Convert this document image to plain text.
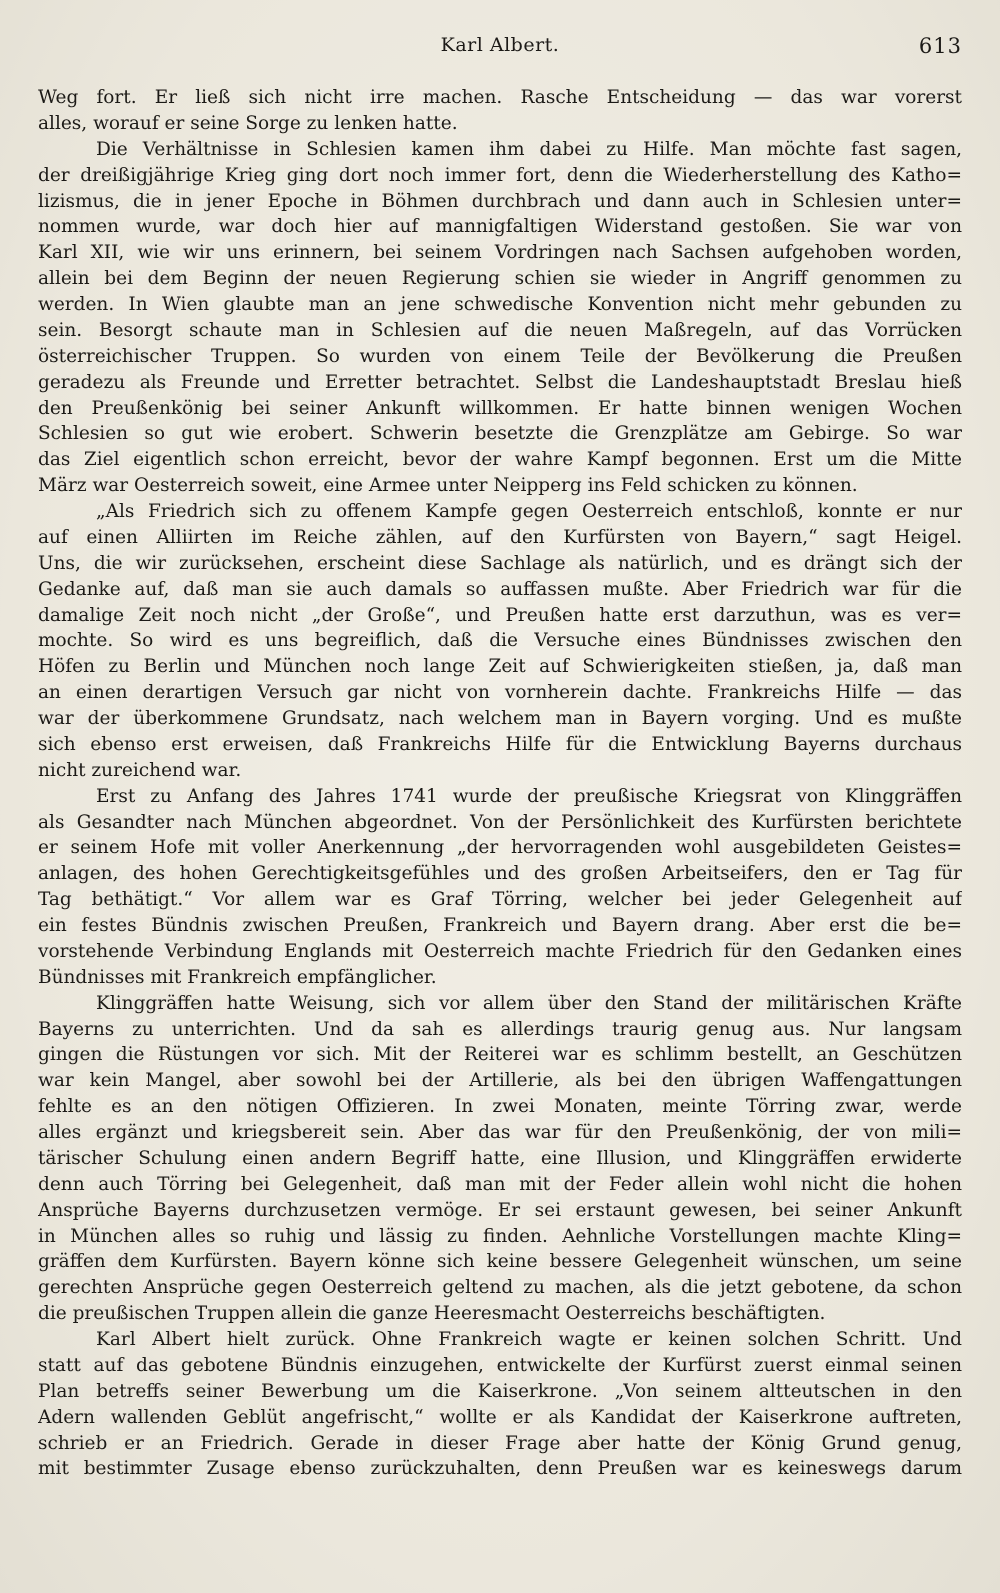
Karl Albert.	613
Weg fort. Er ließ sich nicht irre machen. Rasche Entscheidung — das war vorerst
alles, worauf er seine Sorge zu lenken hatte.
Die Verhältnisse in Schlesien kamen ihm dabei zu Hilfe. Man möchte fast sagen,
der dreißigjährige Krieg ging dort noch immer fort, denn die Wiederherstellung des Katho=
lizismus, die in jener Epoche in Böhmen durchbrach und dann auch in Schlesien unter=
nommen wurde, war doch hier auf mannigfaltigen Widerstand gestoßen. Sie war von
Karl XII, wie wir uns erinnern, bei seinem Vordringen nach Sachsen aufgehoben worden,
allein bei dem Beginn der neuen Regierung schien sie wieder in Angriff genommen zu
werden. In Wien glaubte man an jene schwedische Konvention nicht mehr gebunden zu
sein. Besorgt schaute man in Schlesien auf die neuen Maßregeln, auf das Vorrücken
österreichischer Truppen. So wurden von einem Teile der Bevölkerung die Preußen
geradezu als Freunde und Erretter betrachtet. Selbst die Landeshauptstadt Breslau hieß
den Preußenkönig bei seiner Ankunft willkommen. Er hatte binnen wenigen Wochen
Schlesien so gut wie erobert. Schwerin besetzte die Grenzplätze am Gebirge. So war
das Ziel eigentlich schon erreicht, bevor der wahre Kampf begonnen. Erst um die Mitte
März war Oesterreich soweit, eine Armee unter Neipperg ins Feld schicken zu können.
„Als Friedrich sich zu offenem Kampfe gegen Oesterreich entschloß, konnte er nur
auf einen Alliirten im Reiche zählen, auf den Kurfürsten von Bayern,“ sagt Heigel.
Uns, die wir zurücksehen, erscheint diese Sachlage als natürlich, und es drängt sich der
Gedanke auf, daß man sie auch damals so auffassen mußte. Aber Friedrich war für die
damalige Zeit noch nicht „der Große“, und Preußen hatte erst darzuthun, was es ver=
mochte. So wird es uns begreiflich, daß die Versuche eines Bündnisses zwischen den
Höfen zu Berlin und München noch lange Zeit auf Schwierigkeiten stießen, ja, daß man
an einen derartigen Versuch gar nicht von vornherein dachte. Frankreichs Hilfe — das
war der überkommene Grundsatz, nach welchem man in Bayern vorging. Und es mußte
sich ebenso erst erweisen, daß Frankreichs Hilfe für die Entwicklung Bayerns durchaus
nicht zureichend war.
Erst zu Anfang des Jahres 1741 wurde der preußische Kriegsrat von Klinggräffen
als Gesandter nach München abgeordnet. Von der Persönlichkeit des Kurfürsten berichtete
er seinem Hofe mit voller Anerkennung „der hervorragenden wohl ausgebildeten Geistes=
anlagen, des hohen Gerechtigkeitsgefühles und des großen Arbeitseifers, den er Tag für
Tag bethätigt.“ Vor allem war es Graf Törring, welcher bei jeder Gelegenheit auf
ein festes Bündnis zwischen Preußen, Frankreich und Bayern drang. Aber erst die be=
vorstehende Verbindung Englands mit Oesterreich machte Friedrich für den Gedanken eines
Bündnisses mit Frankreich empfänglicher.
Klinggräffen hatte Weisung, sich vor allem über den Stand der militärischen Kräfte
Bayerns zu unterrichten. Und da sah es allerdings traurig genug aus. Nur langsam
gingen die Rüstungen vor sich. Mit der Reiterei war es schlimm bestellt, an Geschützen
war kein Mangel, aber sowohl bei der Artillerie, als bei den übrigen Waffengattungen
fehlte es an den nötigen Offizieren. In zwei Monaten, meinte Törring zwar, werde
alles ergänzt und kriegsbereit sein. Aber das war für den Preußenkönig, der von mili=
tärischer Schulung einen andern Begriff hatte, eine Illusion, und Klinggräffen erwiderte
denn auch Törring bei Gelegenheit, daß man mit der Feder allein wohl nicht die hohen
Ansprüche Bayerns durchzusetzen vermöge. Er sei erstaunt gewesen, bei seiner Ankunft
in München alles so ruhig und lässig zu finden. Aehnliche Vorstellungen machte Kling=
gräffen dem Kurfürsten. Bayern könne sich keine bessere Gelegenheit wünschen, um seine
gerechten Ansprüche gegen Oesterreich geltend zu machen, als die jetzt gebotene, da schon
die preußischen Truppen allein die ganze Heeresmacht Oesterreichs beschäftigten.
Karl Albert hielt zurück. Ohne Frankreich wagte er keinen solchen Schritt. Und
statt auf das gebotene Bündnis einzugehen, entwickelte der Kurfürst zuerst einmal seinen
Plan betreffs seiner Bewerbung um die Kaiserkrone. „Von seinem altteutschen in den
Adern wallenden Geblüt angefrischt,“ wollte er als Kandidat der Kaiserkrone auftreten,
schrieb er an Friedrich. Gerade in dieser Frage aber hatte der König Grund genug,
mit bestimmter Zusage ebenso zurückzuhalten, denn Preußen war es keineswegs darum
